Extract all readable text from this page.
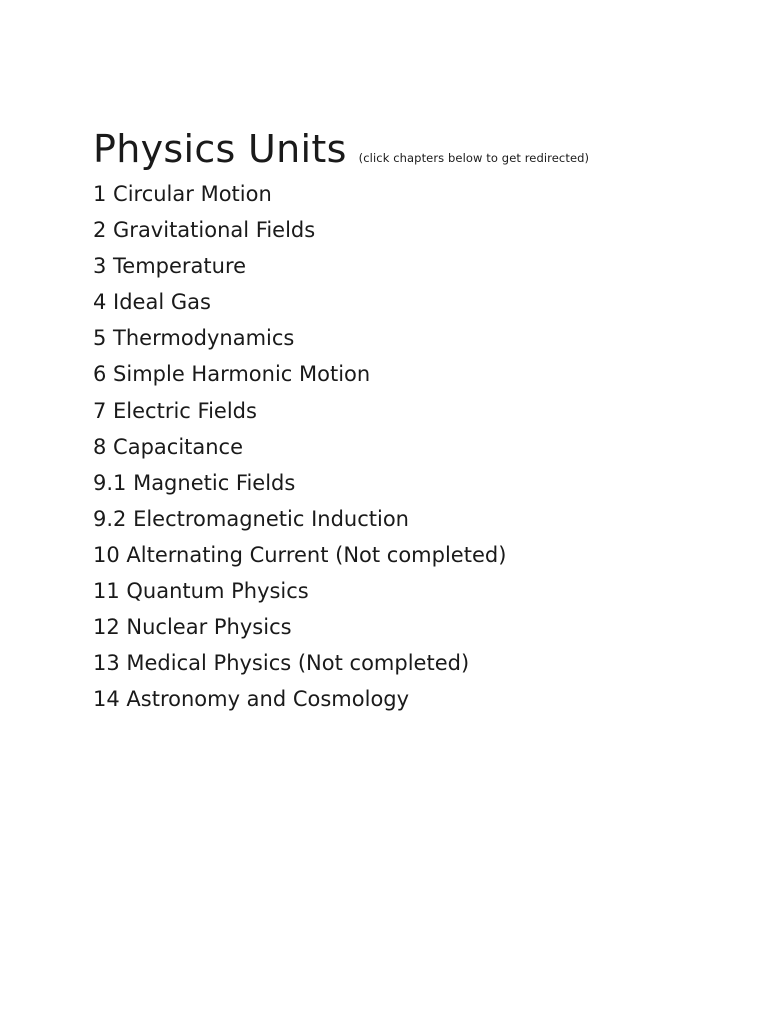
Physics Units (click chapters below to get redirected)
1 Circular Motion
2 Gravitational Fields
3 Temperature
4 Ideal Gas
5 Thermodynamics
6 Simple Harmonic Motion
7 Electric Fields
8 Capacitance
9.1 Magnetic Fields
9.2 Electromagnetic Induction
10 Alternating Current (Not completed)
11 Quantum Physics
12 Nuclear Physics
13 Medical Physics (Not completed)
14 Astronomy and Cosmology
